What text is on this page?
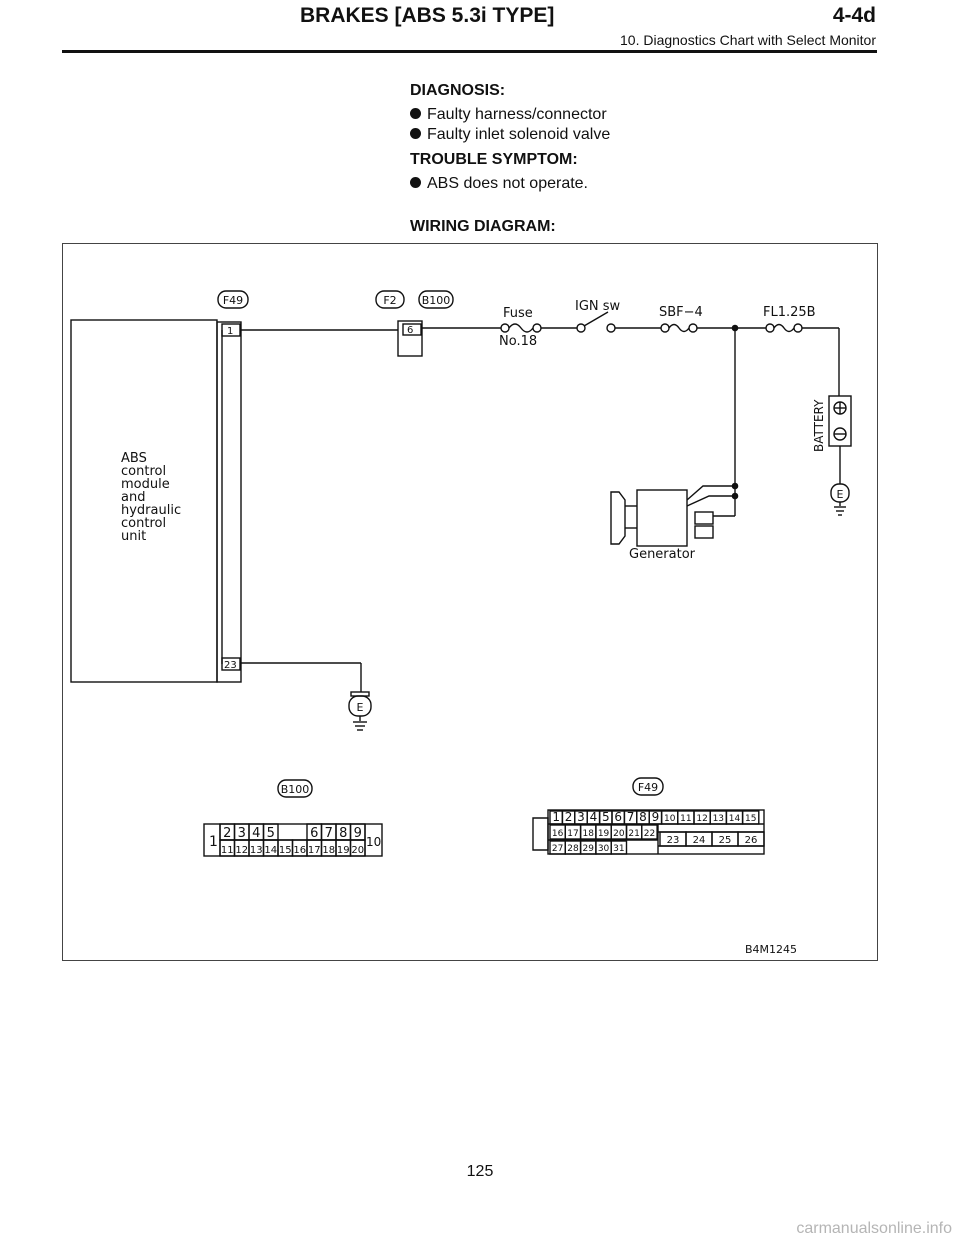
BRAKES [ABS 5.3i TYPE]	4-4d
10. Diagnostics Chart with Select Monitor
DIAGNOSIS:
Faulty harness/connector
Faulty inlet solenoid valve
TROUBLE SYMPTOM:
ABS does not operate.
WIRING DIAGRAM:
1
23
ABS
control
module
and
hydraulic
control
unit
F49	F2 B100
6
Fuse
No.18
IGN sw	SBF−4	FL1.25B
BATTERY
E
Generator
E
B100	F49
1	10
2 3 4 5	6 7 8 9
11 12 13 14 15 16 17 18 19 20
1 2 3 4 5 6 7 8 9 10 11 12 13 14 15
16 17 18 19 20 21 22
27 28 29 30 31
23 24 25 26
B4M1245
125
carmanualsonline.info
